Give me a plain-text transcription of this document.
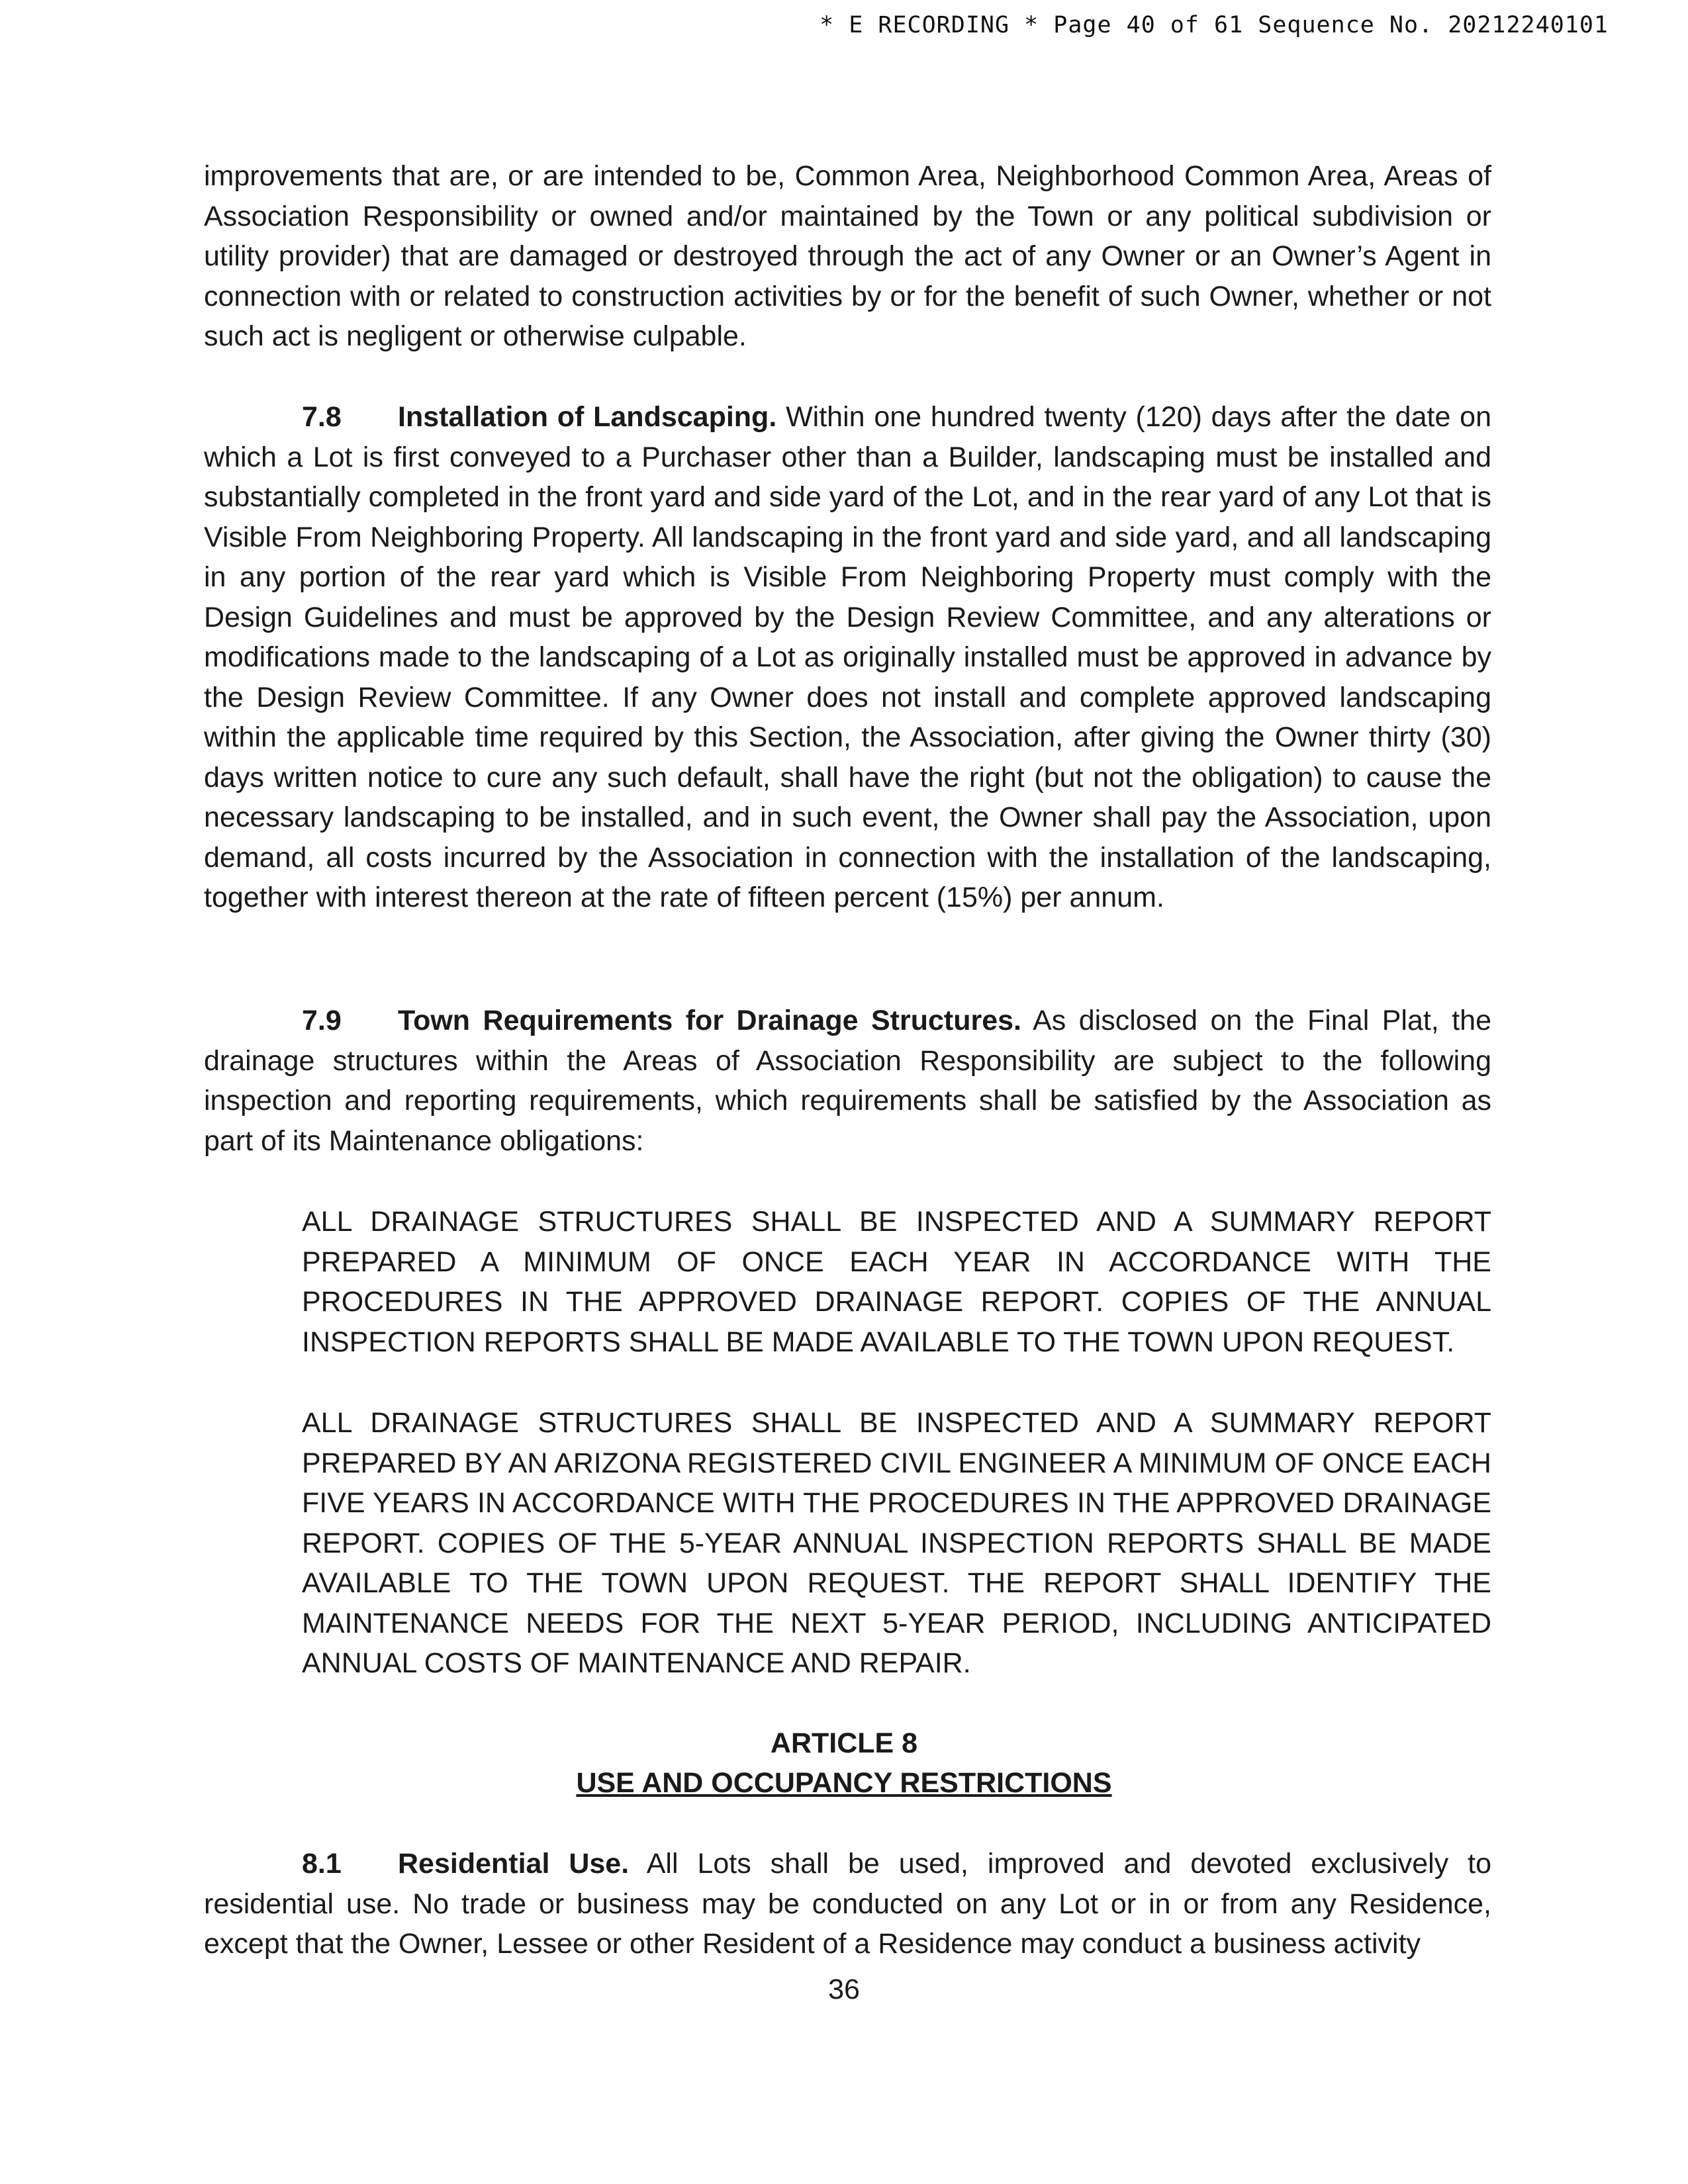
* E RECORDING * Page 40 of 61 Sequence No. 20212240101

improvements that are, or are intended to be, Common Area, Neighborhood Common Area, Areas of Association Responsibility or owned and/or maintained by the Town or any political subdivision or utility provider) that are damaged or destroyed through the act of any Owner or an Owner’s Agent in connection with or related to construction activities by or for the benefit of such Owner, whether or not such act is negligent or otherwise culpable.

7.8 Installation of Landscaping. Within one hundred twenty (120) days after the date on which a Lot is first conveyed to a Purchaser other than a Builder, landscaping must be installed and substantially completed in the front yard and side yard of the Lot, and in the rear yard of any Lot that is Visible From Neighboring Property. All landscaping in the front yard and side yard, and all landscaping in any portion of the rear yard which is Visible From Neighboring Property must comply with the Design Guidelines and must be approved by the Design Review Committee, and any alterations or modifications made to the landscaping of a Lot as originally installed must be approved in advance by the Design Review Committee. If any Owner does not install and complete approved landscaping within the applicable time required by this Section, the Association, after giving the Owner thirty (30) days written notice to cure any such default, shall have the right (but not the obligation) to cause the necessary landscaping to be installed, and in such event, the Owner shall pay the Association, upon demand, all costs incurred by the Association in connection with the installation of the landscaping, together with interest thereon at the rate of fifteen percent (15%) per annum.

7.9 Town Requirements for Drainage Structures. As disclosed on the Final Plat, the drainage structures within the Areas of Association Responsibility are subject to the following inspection and reporting requirements, which requirements shall be satisfied by the Association as part of its Maintenance obligations:

ALL DRAINAGE STRUCTURES SHALL BE INSPECTED AND A SUMMARY REPORT PREPARED A MINIMUM OF ONCE EACH YEAR IN ACCORDANCE WITH THE PROCEDURES IN THE APPROVED DRAINAGE REPORT. COPIES OF THE ANNUAL INSPECTION REPORTS SHALL BE MADE AVAILABLE TO THE TOWN UPON REQUEST.

ALL DRAINAGE STRUCTURES SHALL BE INSPECTED AND A SUMMARY REPORT PREPARED BY AN ARIZONA REGISTERED CIVIL ENGINEER A MINIMUM OF ONCE EACH FIVE YEARS IN ACCORDANCE WITH THE PROCEDURES IN THE APPROVED DRAINAGE REPORT. COPIES OF THE 5-YEAR ANNUAL INSPECTION REPORTS SHALL BE MADE AVAILABLE TO THE TOWN UPON REQUEST. THE REPORT SHALL IDENTIFY THE MAINTENANCE NEEDS FOR THE NEXT 5-YEAR PERIOD, INCLUDING ANTICIPATED ANNUAL COSTS OF MAINTENANCE AND REPAIR.

ARTICLE 8
USE AND OCCUPANCY RESTRICTIONS

8.1 Residential Use. All Lots shall be used, improved and devoted exclusively to residential use. No trade or business may be conducted on any Lot or in or from any Residence, except that the Owner, Lessee or other Resident of a Residence may conduct a business activity

36
